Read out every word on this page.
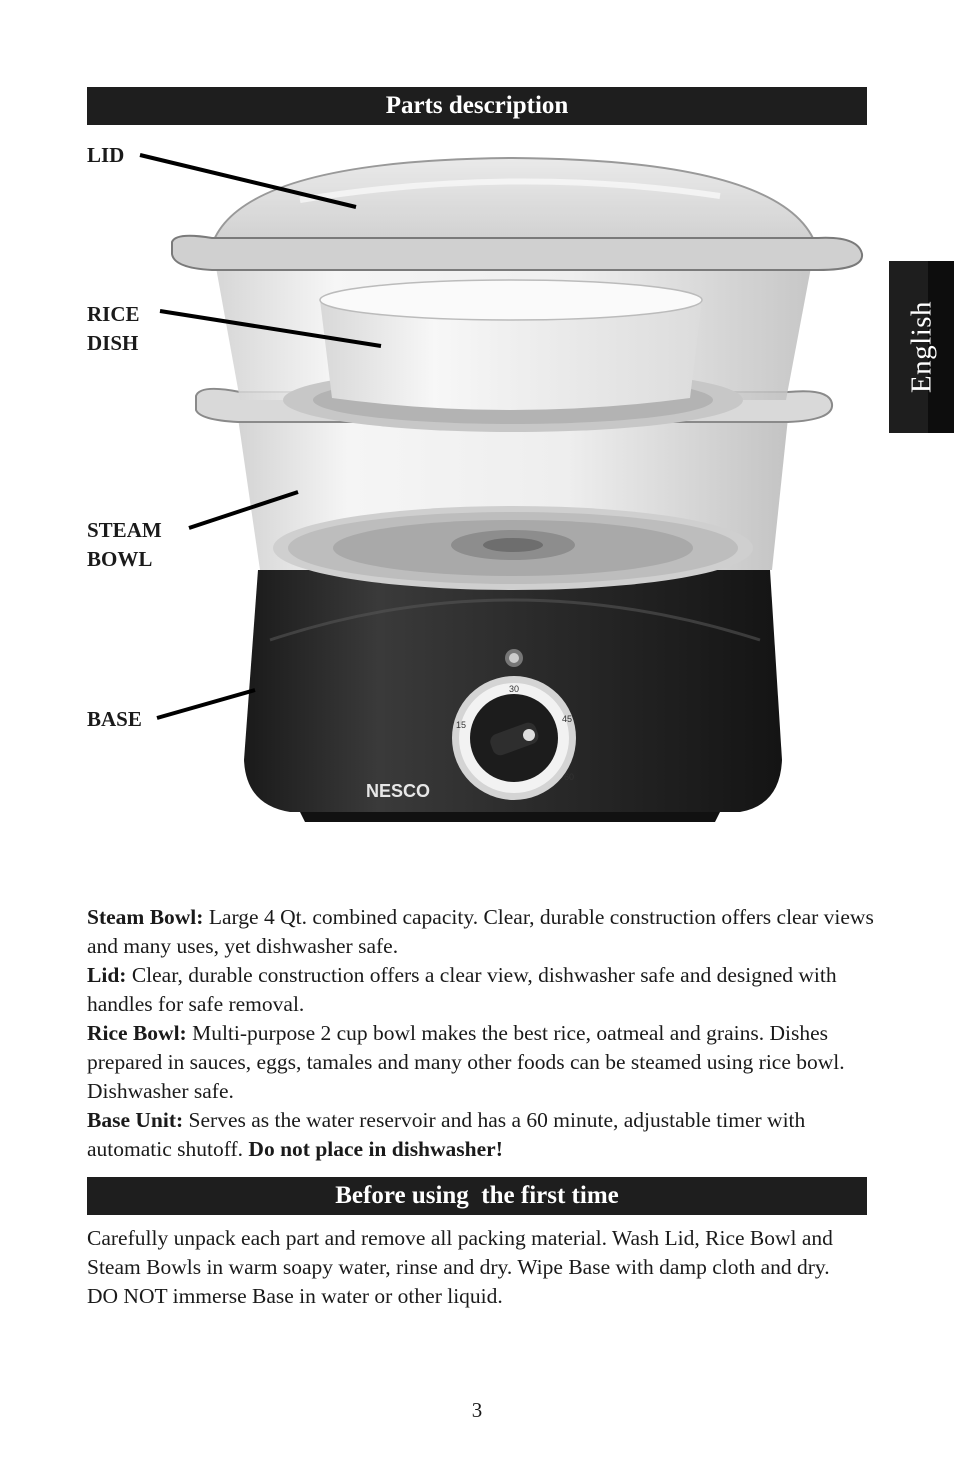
English
Parts description
LID
RICE
DISH
STEAM
BOWL
BASE
30
15
45
60
NESCO

Steam Bowl: Large 4 Qt. combined capacity. Clear, durable construction offers clear views and many uses, yet dishwasher safe.

Lid: Clear, durable construction offers a clear view, dishwasher safe and designed with handles for safe removal.

Rice Bowl: Multi-purpose 2 cup bowl makes the best rice, oatmeal and grains. Dishes prepared in sauces, eggs, tamales and many other foods can be steamed using rice bowl. Dishwasher safe.

Base Unit: Serves as the water reservoir and has a 60 minute, adjustable timer with automatic shutoff. Do not place in dishwasher!

Before using  the first time

Carefully unpack each part and remove all packing material. Wash Lid, Rice Bowl and Steam Bowls in warm soapy water, rinse and dry. Wipe Base with damp cloth and dry.

DO NOT immerse Base in water or other liquid.

3
